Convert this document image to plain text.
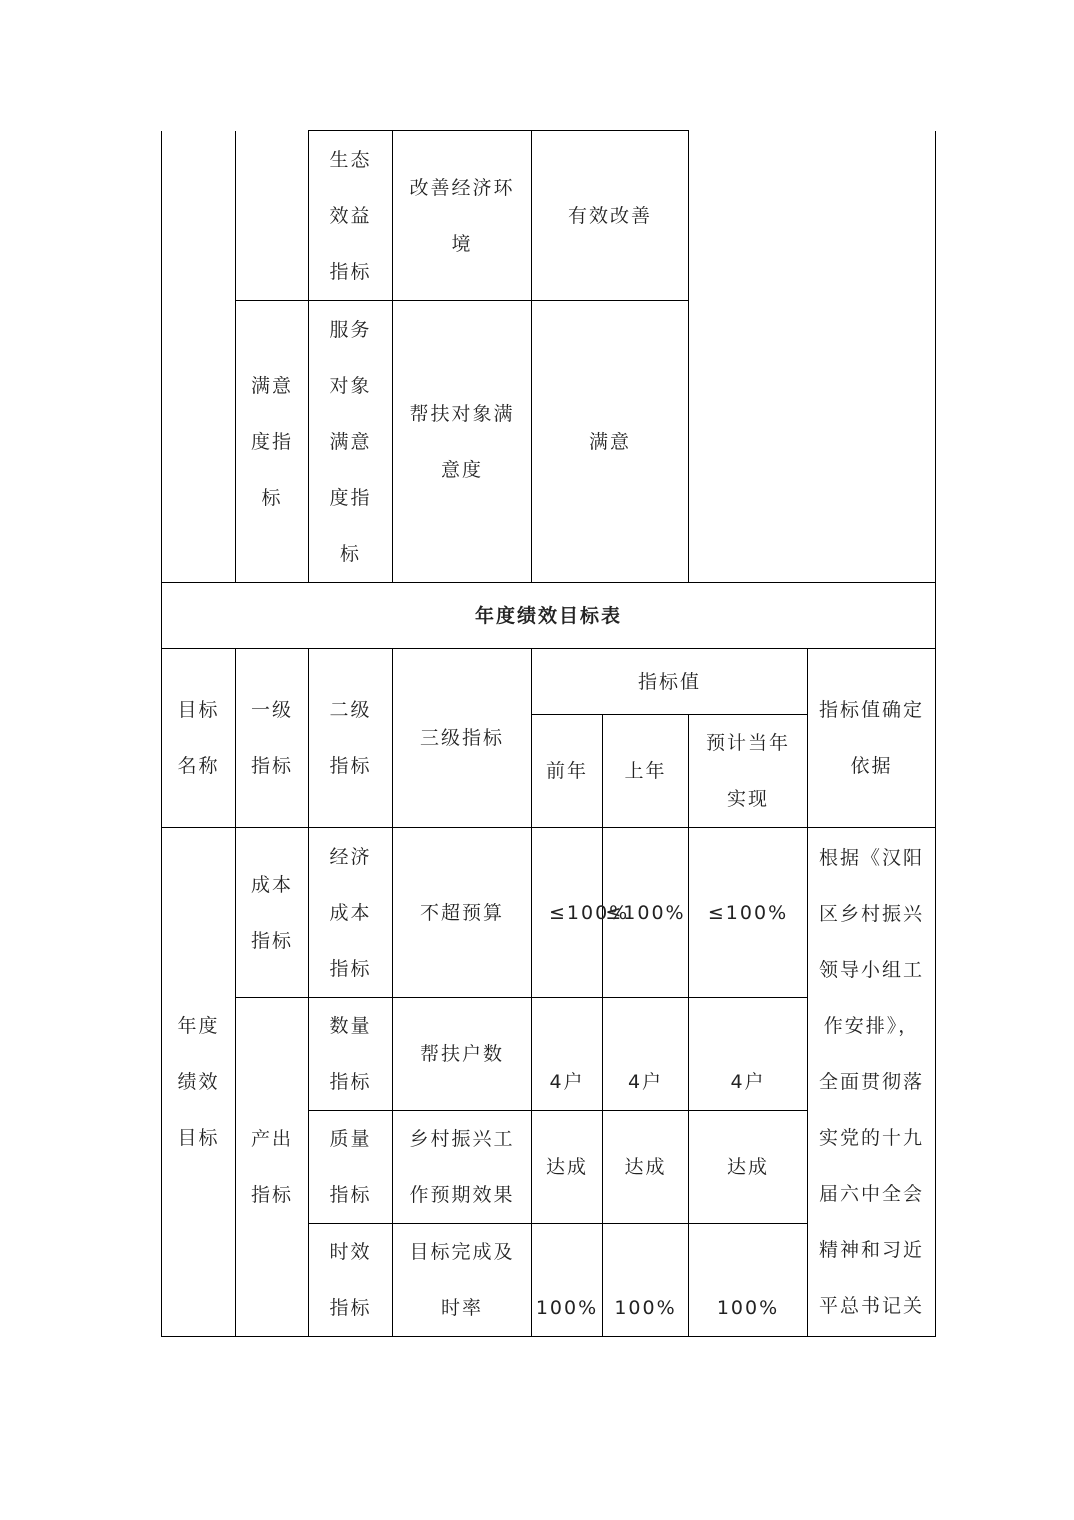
		生态效益指标	改善经济环境	有效改善			
	满意度指标	服务对象满意度指标	帮扶对象满意度	满意			
年度绩效目标表							
目标名称	一级指标	二级指标	三级指标	指标值			指标值确定依据
				前年	上年	预计当年实现	
年度绩效目标	成本指标	经济成本指标	不超预算	≤100%	≤100%	≤100%	根据《汉阳区乡村振兴领导小组工作安排》，全面贯彻落实党的十九届六中全会精神和习近平总书记关
	产出指标	数量指标	帮扶户数	4户	4户	4户	
		质量指标	乡村振兴工作预期效果	达成	达成	达成	
		时效指标	目标完成及时率	100%	100%	100%	
